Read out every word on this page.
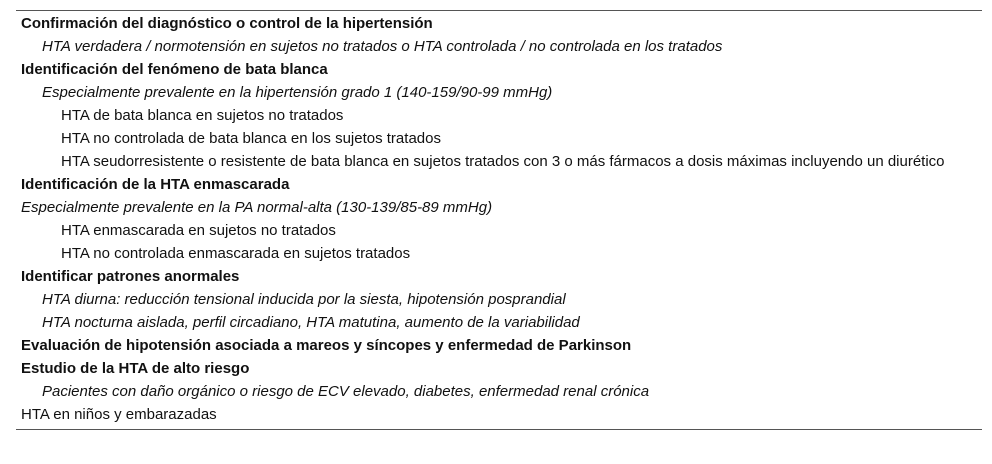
Confirmación del diagnóstico o control de la hipertensión
HTA verdadera / normotensión en sujetos no tratados o HTA controlada / no controlada en los tratados
Identificación del fenómeno de bata blanca
Especialmente prevalente en la hipertensión grado 1 (140-159/90-99 mmHg)
HTA de bata blanca en sujetos no tratados
HTA no controlada de bata blanca en los sujetos tratados
HTA seudorresistente o resistente de bata blanca en sujetos tratados con 3 o más fármacos a dosis máximas incluyendo un diurético
Identificación de la HTA enmascarada
Especialmente prevalente en la PA normal-alta (130-139/85-89 mmHg)
HTA enmascarada en sujetos no tratados
HTA no controlada enmascarada en sujetos tratados
Identificar patrones anormales
HTA diurna: reducción tensional inducida por la siesta, hipotensión posprandial
HTA nocturna aislada, perfil circadiano, HTA matutina, aumento de la variabilidad
Evaluación de hipotensión asociada a mareos y síncopes y enfermedad de Parkinson
Estudio de la HTA de alto riesgo
Pacientes con daño orgánico o riesgo de ECV elevado, diabetes, enfermedad renal crónica
HTA en niños y embarazadas
